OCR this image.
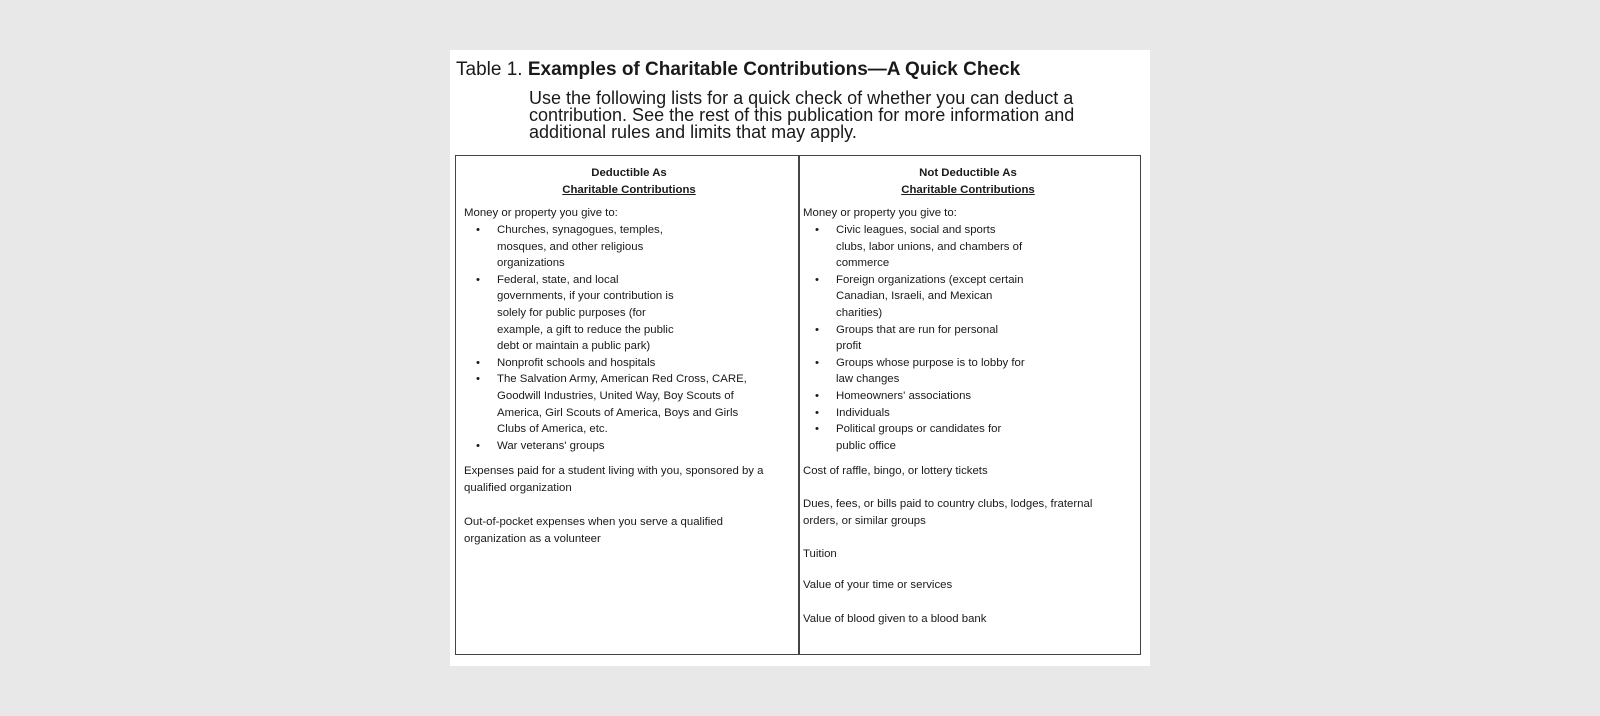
Table 1. Examples of Charitable Contributions—A Quick Check
Use the following lists for a quick check of whether you can deduct a
contribution. See the rest of this publication for more information and
additional rules and limits that may apply.
Deductible As
Charitable Contributions
Money or property you give to:
• Churches, synagogues, temples,
mosques, and other religious
organizations
• Federal, state, and local
governments, if your contribution is
solely for public purposes (for
example, a gift to reduce the public
debt or maintain a public park)
• Nonprofit schools and hospitals
• The Salvation Army, American Red Cross, CARE,
Goodwill Industries, United Way, Boy Scouts of
America, Girl Scouts of America, Boys and Girls
Clubs of America, etc.
• War veterans' groups
Expenses paid for a student living with you, sponsored by a
qualified organization
Out-of-pocket expenses when you serve a qualified
organization as a volunteer
Not Deductible As
Charitable Contributions
Money or property you give to:
• Civic leagues, social and sports
clubs, labor unions, and chambers of
commerce
• Foreign organizations (except certain
Canadian, Israeli, and Mexican
charities)
• Groups that are run for personal
profit
• Groups whose purpose is to lobby for
law changes
• Homeowners' associations
• Individuals
• Political groups or candidates for
public office
Cost of raffle, bingo, or lottery tickets
Dues, fees, or bills paid to country clubs, lodges, fraternal
orders, or similar groups
Tuition
Value of your time or services
Value of blood given to a blood bank
